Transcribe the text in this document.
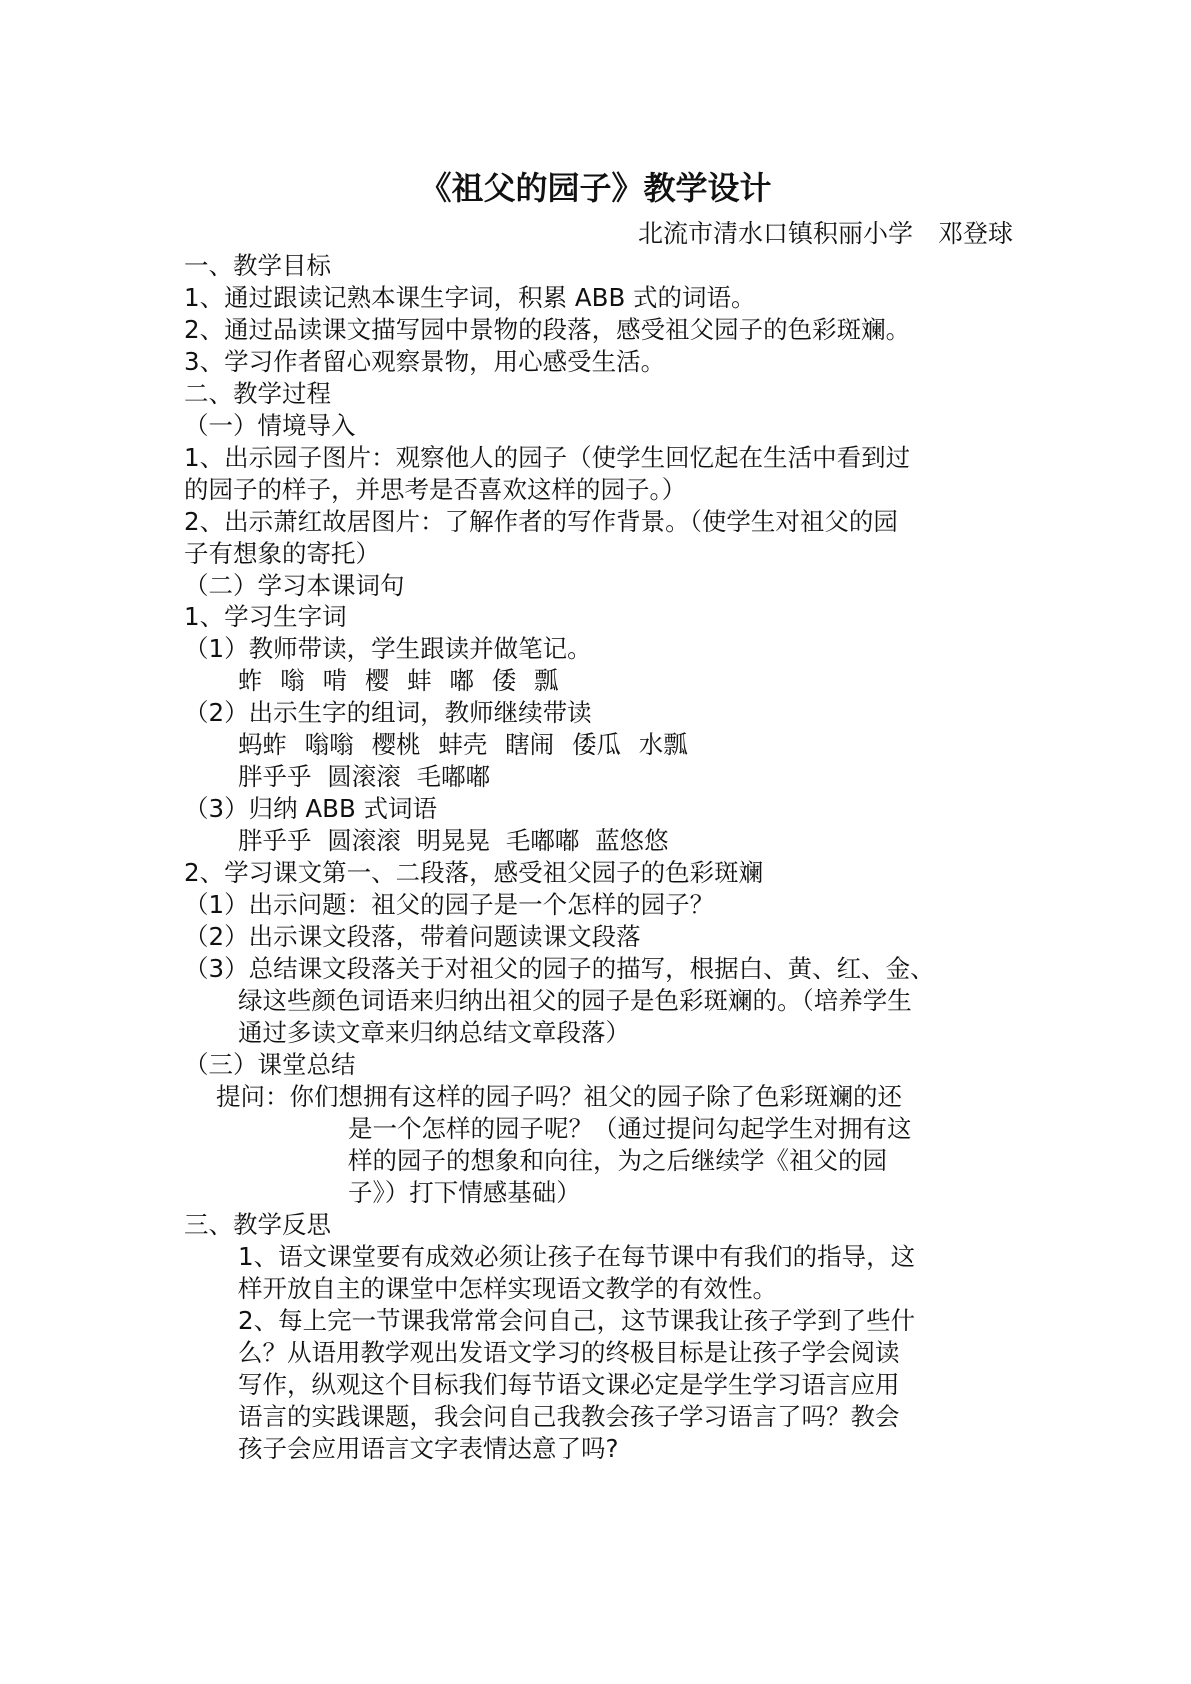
《祖父的园子》教学设计
北流市清水口镇积丽小学　邓登球
一、教学目标
1、通过跟读记熟本课生字词，积累 ABB 式的词语。
2、通过品读课文描写园中景物的段落，感受祖父园子的色彩斑斓。
3、学习作者留心观察景物，用心感受生活。
二、教学过程
（一）情境导入
1、出示园子图片：观察他人的园子（使学生回忆起在生活中看到过
的园子的样子，并思考是否喜欢这样的园子。）
2、出示萧红故居图片：了解作者的写作背景。（使学生对祖父的园
子有想象的寄托）
（二）学习本课词句
1、学习生字词
（1）教师带读，学生跟读并做笔记。
蚱 嗡 啃 樱 蚌 嘟 倭 瓢
（2）出示生字的组词，教师继续带读
蚂蚱 嗡嗡 樱桃 蚌壳 瞎闹 倭瓜 水瓢
胖乎乎 圆滚滚 毛嘟嘟
（3）归纳 ABB 式词语
胖乎乎 圆滚滚 明晃晃 毛嘟嘟 蓝悠悠
2、学习课文第一、二段落，感受祖父园子的色彩斑斓
（1）出示问题：祖父的园子是一个怎样的园子？
（2）出示课文段落，带着问题读课文段落
（3）总结课文段落关于对祖父的园子的描写，根据白、黄、红、金、
绿这些颜色词语来归纳出祖父的园子是色彩斑斓的。（培养学生
通过多读文章来归纳总结文章段落）
（三）课堂总结
提问：你们想拥有这样的园子吗？祖父的园子除了色彩斑斓的还
是一个怎样的园子呢？（通过提问勾起学生对拥有这
样的园子的想象和向往，为之后继续学《祖父的园
子》）打下情感基础）
三、教学反思
1、语文课堂要有成效必须让孩子在每节课中有我们的指导，这
样开放自主的课堂中怎样实现语文教学的有效性。
2、每上完一节课我常常会问自己，这节课我让孩子学到了些什
么？从语用教学观出发语文学习的终极目标是让孩子学会阅读
写作，纵观这个目标我们每节语文课必定是学生学习语言应用
语言的实践课题，我会问自己我教会孩子学习语言了吗？教会
孩子会应用语言文字表情达意了吗?
